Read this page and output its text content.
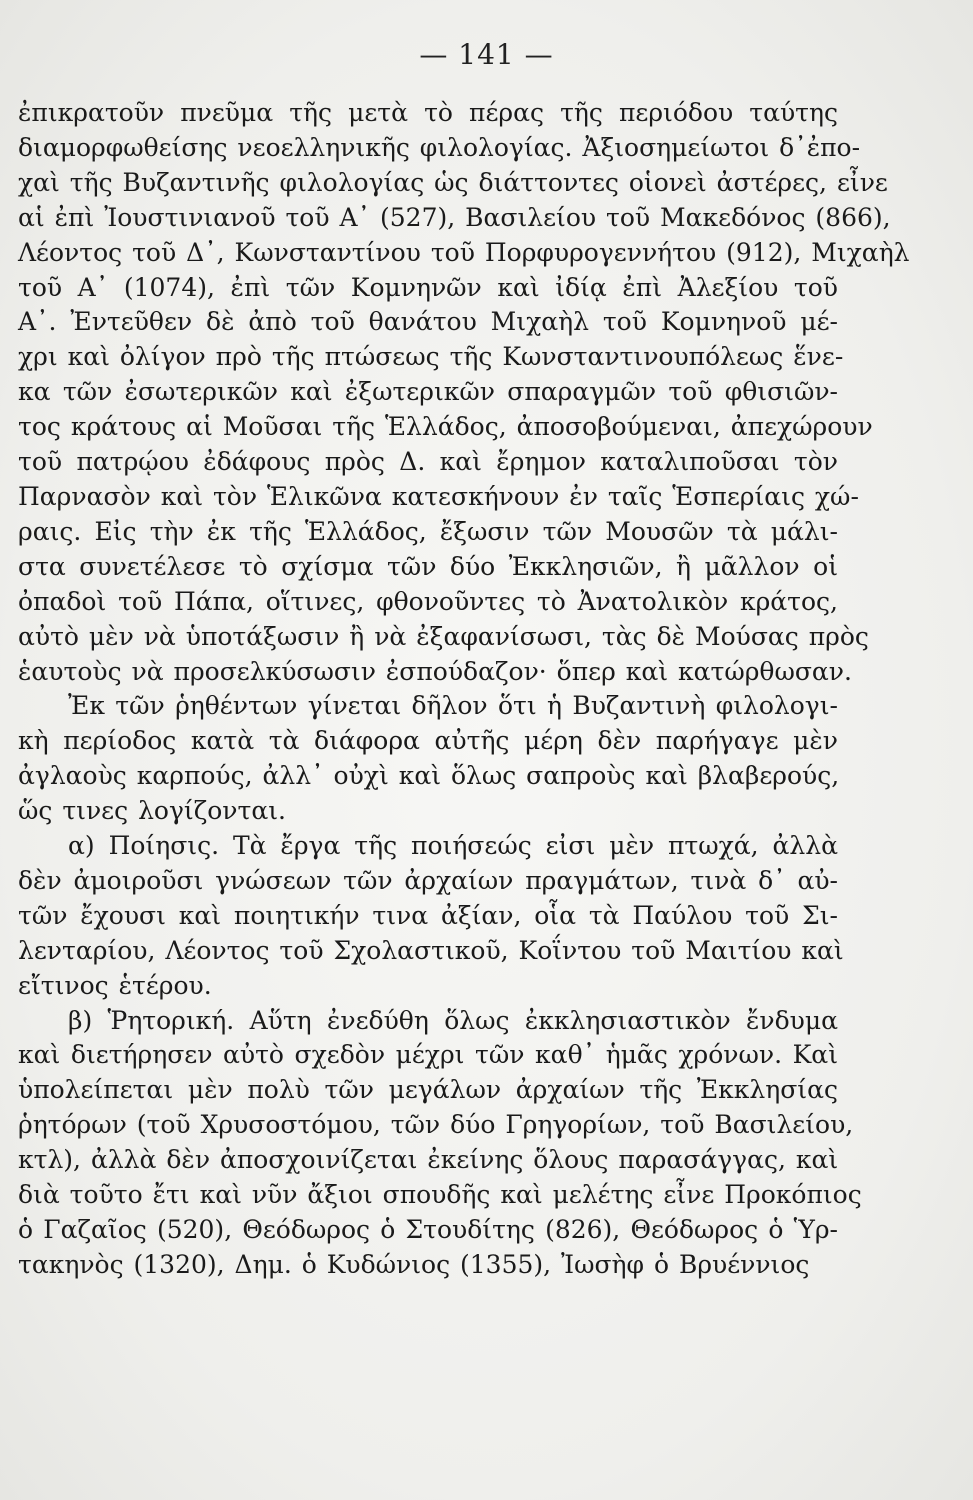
— 141 —
ἐπικρατοῦν πνεῦμα τῆς μετὰ τὸ πέρας τῆς περιόδου ταύτης
διαμορφωθείσης νεοελληνικῆς φιλολογίας. Ἀξιοσημείωτοι δ᾽ἐπο-
χαὶ τῆς Βυζαντινῆς φιλολογίας ὡς διάττοντες οἱονεὶ ἀστέρες, εἶνε
αἱ ἐπὶ Ἰουστινιανοῦ τοῦ Α᾽ (527), Βασιλείου τοῦ Μακεδόνος (866),
Λέοντος τοῦ Δ᾽, Κωνσταντίνου τοῦ Πορφυρογεννήτου (912), Μιχαὴλ
τοῦ Α᾽ (1074), ἐπὶ τῶν Κομνηνῶν καὶ ἰδίᾳ ἐπὶ Ἀλεξίου τοῦ
Α᾽. Ἐντεῦθεν δὲ ἀπὸ τοῦ θανάτου Μιχαὴλ τοῦ Κομνηνοῦ μέ-
χρι καὶ ὀλίγον πρὸ τῆς πτώσεως τῆς Κωνσταντινουπόλεως ἕνε-
κα τῶν ἐσωτερικῶν καὶ ἐξωτερικῶν σπαραγμῶν τοῦ φθισιῶν-
τος κράτους αἱ Μοῦσαι τῆς Ἑλλάδος, ἀποσοβούμεναι, ἀπεχώρουν
τοῦ πατρῴου ἐδάφους πρὸς Δ. καὶ ἔρημον καταλιποῦσαι τὸν
Παρνασὸν καὶ τὸν Ἑλικῶνα κατεσκήνουν ἐν ταῖς Ἑσπερίαις χώ-
ραις. Εἰς τὴν ἐκ τῆς Ἑλλάδος, ἔξωσιν τῶν Μουσῶν τὰ μάλι-
στα συνετέλεσε τὸ σχίσμα τῶν δύο Ἐκκλησιῶν, ἢ μᾶλλον οἱ
ὀπαδοὶ τοῦ Πάπα, οἵτινες, φθονοῦντες τὸ Ἀνατολικὸν κράτος,
αὐτὸ μὲν νὰ ὑποτάξωσιν ἢ νὰ ἐξαφανίσωσι, τὰς δὲ Μούσας πρὸς
ἑαυτοὺς νὰ προσελκύσωσιν ἐσπούδαζον· ὅπερ καὶ κατώρθωσαν.
Ἐκ τῶν ῥηθέντων γίνεται δῆλον ὅτι ἡ Βυζαντινὴ φιλολογι-
κὴ περίοδος κατὰ τὰ διάφορα αὐτῆς μέρη δὲν παρήγαγε μὲν
ἀγλαοὺς καρπούς, ἀλλ᾽ οὐχὶ καὶ ὅλως σαπροὺς καὶ βλαβερούς,
ὥς τινες λογίζονται.
α) Ποίησις. Τὰ ἔργα τῆς ποιήσεώς εἰσι μὲν πτωχά, ἀλλὰ
δὲν ἀμοιροῦσι γνώσεων τῶν ἀρχαίων πραγμάτων, τινὰ δ᾽ αὐ-
τῶν ἔχουσι καὶ ποιητικήν τινα ἀξίαν, οἷα τὰ Παύλου τοῦ Σι-
λενταρίου, Λέοντος τοῦ Σχολαστικοῦ, Κοΐντου τοῦ Μαιτίου καὶ
εἴτινος ἑτέρου.
β) Ῥητορική. Αὕτη ἐνεδύθη ὅλως ἐκκλησιαστικὸν ἔνδυμα
καὶ διετήρησεν αὐτὸ σχεδὸν μέχρι τῶν καθ᾽ ἡμᾶς χρόνων. Καὶ
ὑπολείπεται μὲν πολὺ τῶν μεγάλων ἀρχαίων τῆς Ἐκκλησίας
ῥητόρων (τοῦ Χρυσοστόμου, τῶν δύο Γρηγορίων, τοῦ Βασιλείου,
κτλ), ἀλλὰ δὲν ἀποσχοινίζεται ἐκείνης ὅλους παρασάγγας, καὶ
διὰ τοῦτο ἔτι καὶ νῦν ἄξιοι σπουδῆς καὶ μελέτης εἶνε Προκόπιος
ὁ Γαζαῖος (520), Θεόδωρος ὁ Στουδίτης (826), Θεόδωρος ὁ Ὑρ-
τακηνὸς (1320), Δημ. ὁ Κυδώνιος (1355), Ἰωσὴφ ὁ Βρυέννιος
